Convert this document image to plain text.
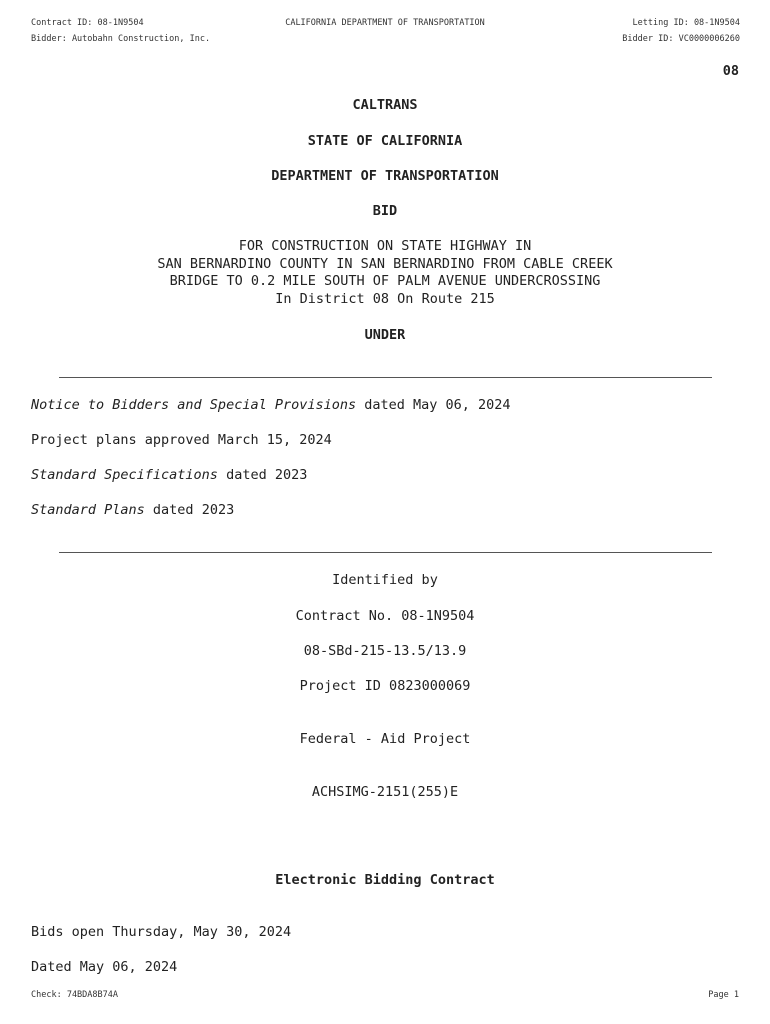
Contract ID: 08-1N9504	CALIFORNIA DEPARTMENT OF TRANSPORTATION	Letting ID: 08-1N9504
Bidder: Autobahn Construction, Inc.	Bidder ID: VC0000006260
08
CALTRANS
STATE OF CALIFORNIA
DEPARTMENT OF TRANSPORTATION
BID
FOR CONSTRUCTION ON STATE HIGHWAY IN
SAN BERNARDINO COUNTY IN SAN BERNARDINO FROM CABLE CREEK
BRIDGE TO 0.2 MILE SOUTH OF PALM AVENUE UNDERCROSSING
In District 08 On Route 215
UNDER
Notice to Bidders and Special Provisions dated May 06, 2024
Project plans approved March 15, 2024
Standard Specifications dated 2023
Standard Plans dated 2023
Identified by
Contract No. 08-1N9504
08-SBd-215-13.5/13.9
Project ID 0823000069
Federal - Aid Project
ACHSIMG-2151(255)E
Electronic Bidding Contract
Bids open Thursday, May 30, 2024
Dated May 06, 2024
Check: 74BDA8B74A	Page 1
